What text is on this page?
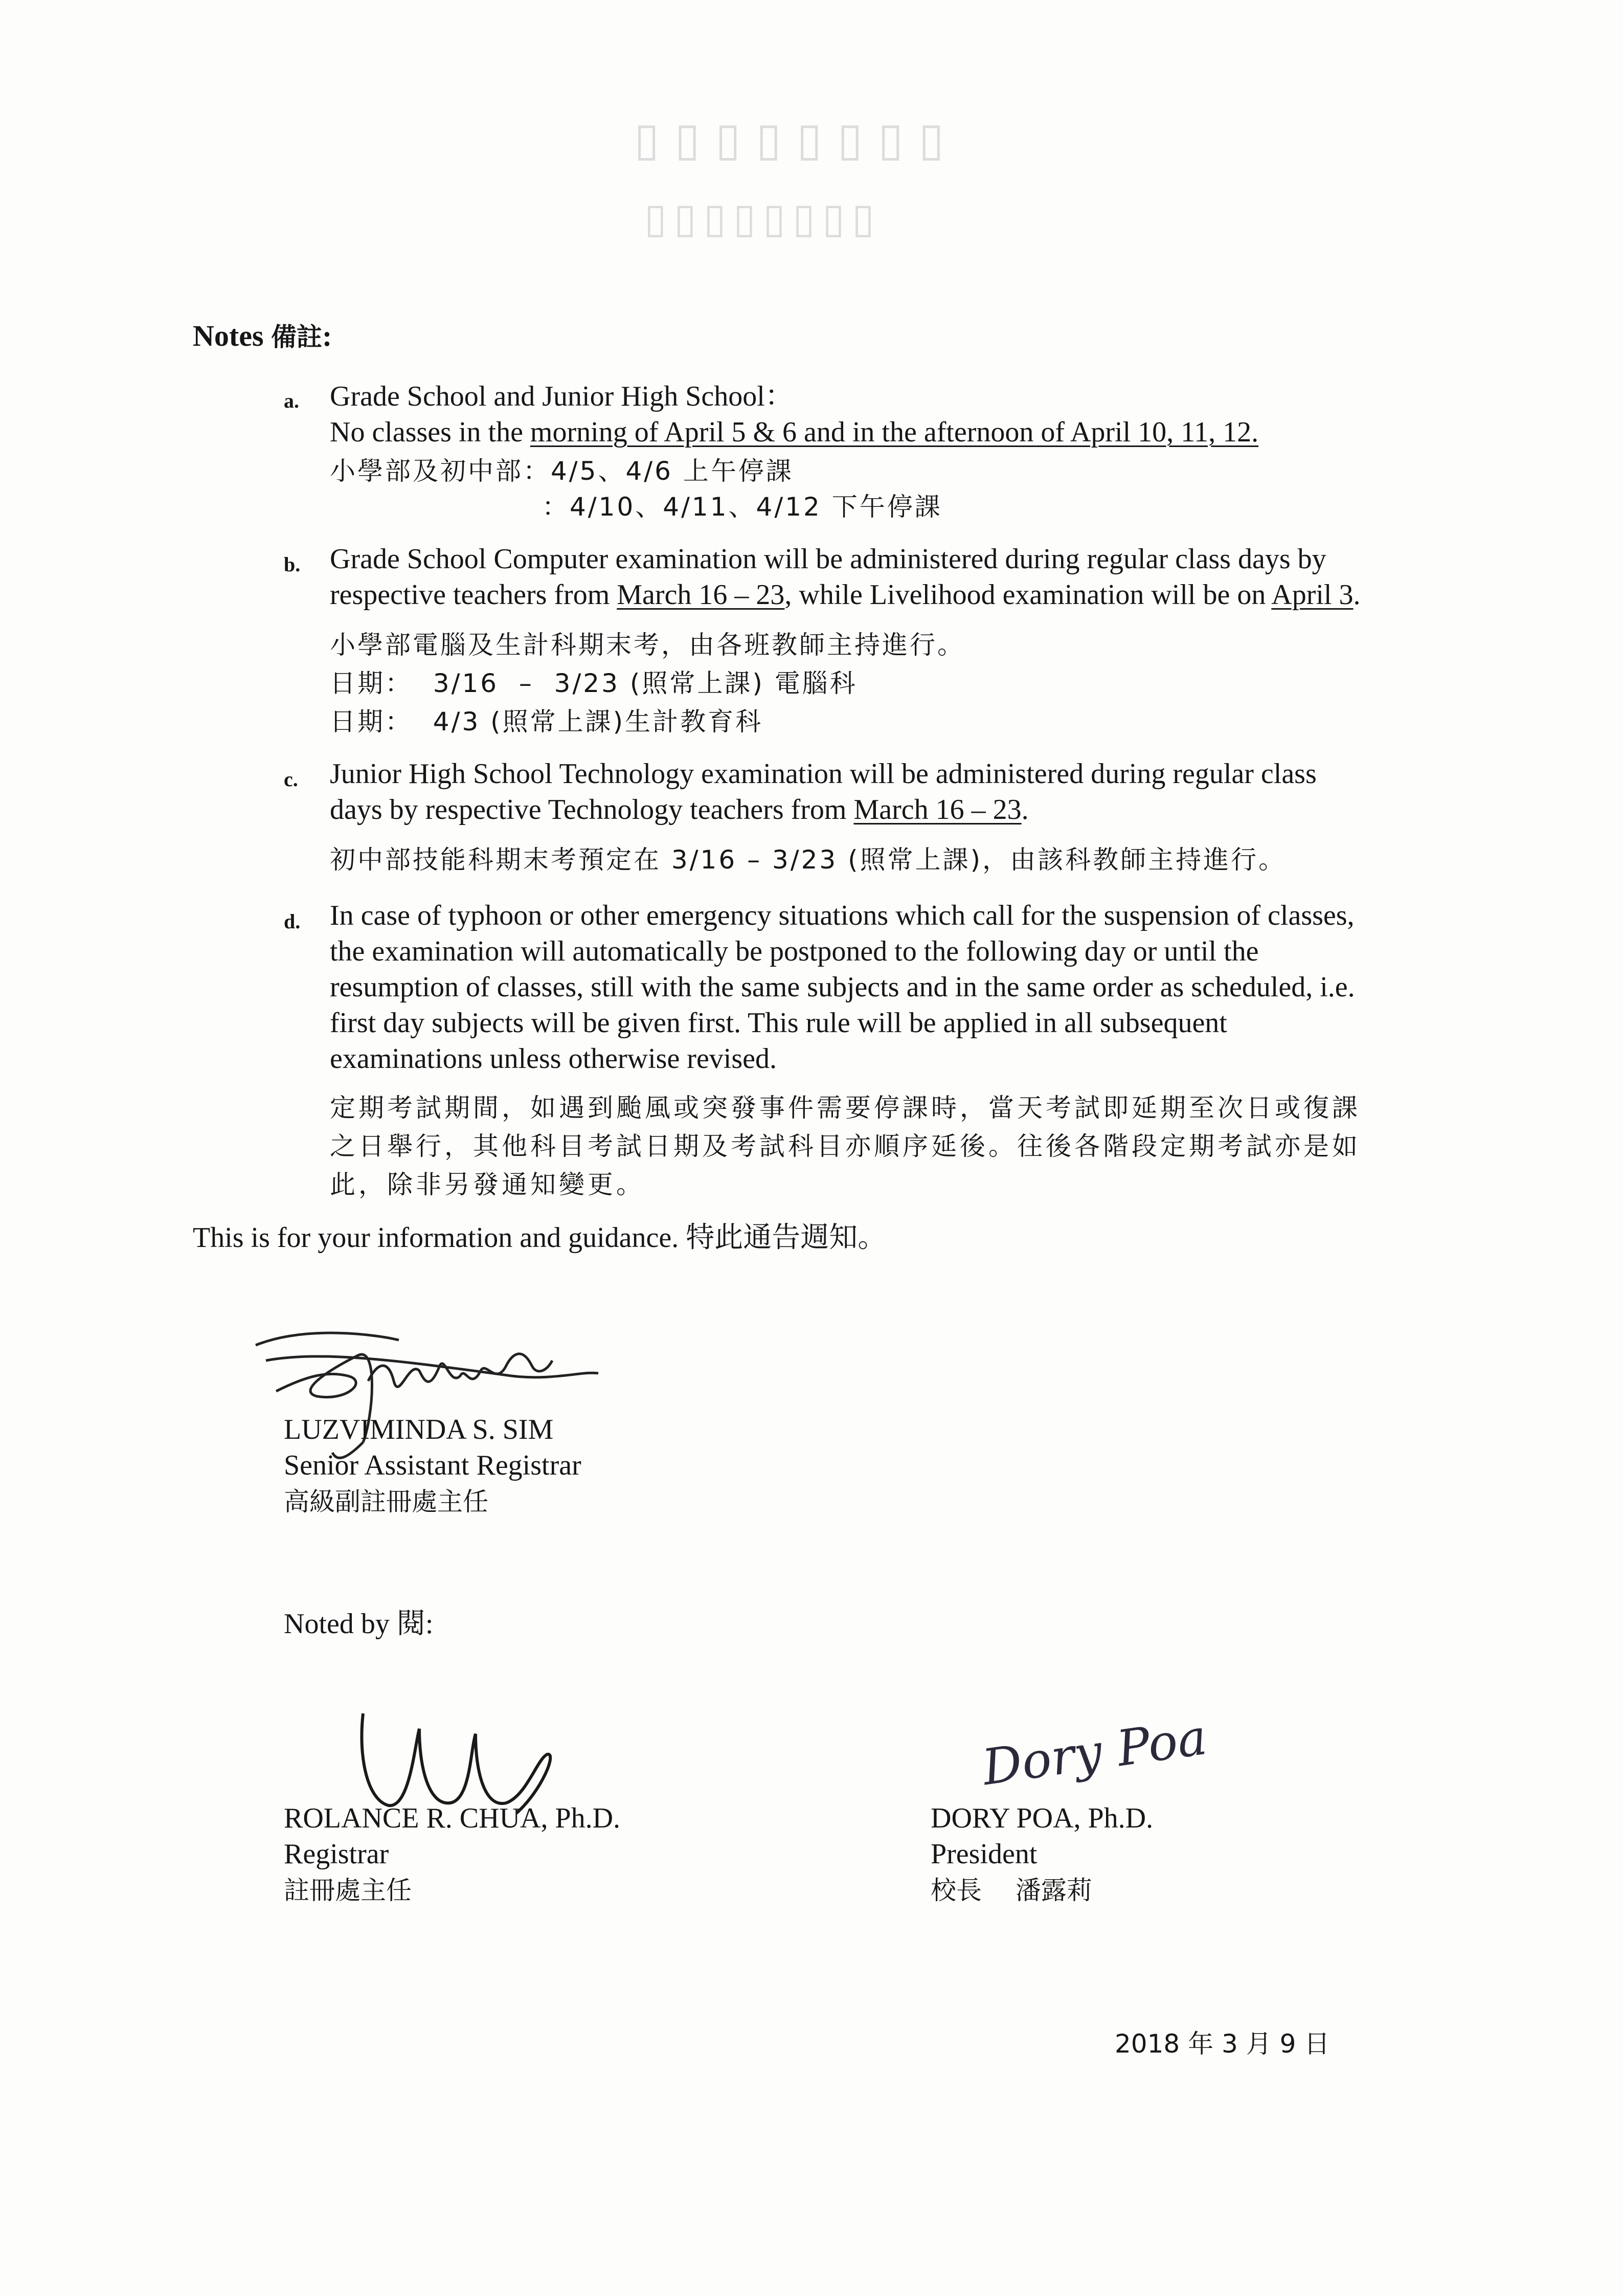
▯▯▯▯▯▯▯▯
▯▯▯▯▯▯▯▯
Notes 備註:
a. Grade School and Junior High School：
No classes in the morning of April 5 & 6 and in the afternoon of April 10, 11, 12.
小學部及初中部：4/5、4/6 上午停課
：4/10、4/11、4/12 下午停課
b. Grade School Computer examination will be administered during regular class days by
respective teachers from March 16 – 23, while Livelihood examination will be on April 3.
小學部電腦及生計科期末考，由各班教師主持進行。
日期：  3/16  –  3/23 (照常上課) 電腦科
日期：  4/3 (照常上課)生計教育科
c. Junior High School Technology examination will be administered during regular class
days by respective Technology teachers from March 16 – 23.
初中部技能科期末考預定在 3/16 – 3/23 (照常上課)，由該科教師主持進行。
d. In case of typhoon or other emergency situations which call for the suspension of classes,
the examination will automatically be postponed to the following day or until the
resumption of classes, still with the same subjects and in the same order as scheduled, i.e.
first day subjects will be given first. This rule will be applied in all subsequent
examinations unless otherwise revised.
定期考試期間，如遇到颱風或突發事件需要停課時，當天考試即延期至次日或復課
之日舉行，其他科目考試日期及考試科目亦順序延後。往後各階段定期考試亦是如
此，除非另發通知變更。
This is for your information and guidance. 特此通告週知。
LUZVIMINDA S. SIM
Senior Assistant Registrar
高級副註冊處主任
Noted by 閱:
ROLANCE R. CHUA, Ph.D.
Registrar
註冊處主任
Dory Poa
DORY POA, Ph.D.
President
校長　 潘露莉
2018 年 3 月 9 日
